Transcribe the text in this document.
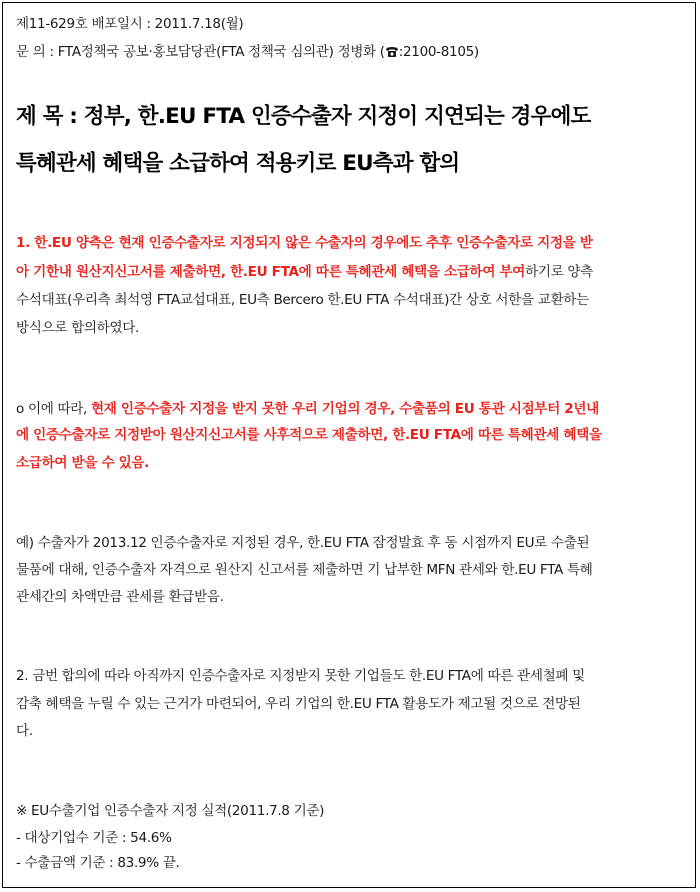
제11-629호 배포일시 : 2011.7.18(월)
문 의 : FTA정책국 공보·홍보담당관(FTA 정책국 심의관) 정병화 ( :2100-8105)
제 목 : 정부, 한.EU FTA 인증수출자 지정이 지연되는 경우에도
특혜관세 혜택을 소급하여 적용키로 EU측과 합의
1. 한.EU 양측은 현재 인증수출자로 지정되지 않은 수출자의 경우에도 추후 인증수출자로 지정을 받
아 기한내 원산지신고서를 제출하면, 한.EU FTA에 따른 특혜관세 혜택을 소급하여 부여하기로 양측
수석대표(우리측 최석영 FTA교섭대표, EU측 Bercero 한.EU FTA 수석대표)간 상호 서한을 교환하는
방식으로 합의하였다.
o 이에 따라, 현재 인증수출자 지정을 받지 못한 우리 기업의 경우, 수출품의 EU 통관 시점부터 2년내
에 인증수출자로 지정받아 원산지신고서를 사후적으로 제출하면, 한.EU FTA에 따른 특혜관세 혜택을
소급하여 받을 수 있음.
예) 수출자가 2013.12 인증수출자로 지정된 경우, 한.EU FTA 잠정발효 후 동 시점까지 EU로 수출된
물품에 대해, 인증수출자 자격으로 원산지 신고서를 제출하면 기 납부한 MFN 관세와 한.EU FTA 특혜
관세간의 차액만큼 관세를 환급받음.
2. 금번 합의에 따라 아직까지 인증수출자로 지정받지 못한 기업들도 한.EU FTA에 따른 관세철폐 및
감축 혜택을 누릴 수 있는 근거가 마련되어, 우리 기업의 한.EU FTA 활용도가 제고될 것으로 전망된
다.
※ EU수출기업 인증수출자 지정 실적(2011.7.8 기준)
- 대상기업수 기준 : 54.6%
- 수출금액 기준 : 83.9% 끝.
